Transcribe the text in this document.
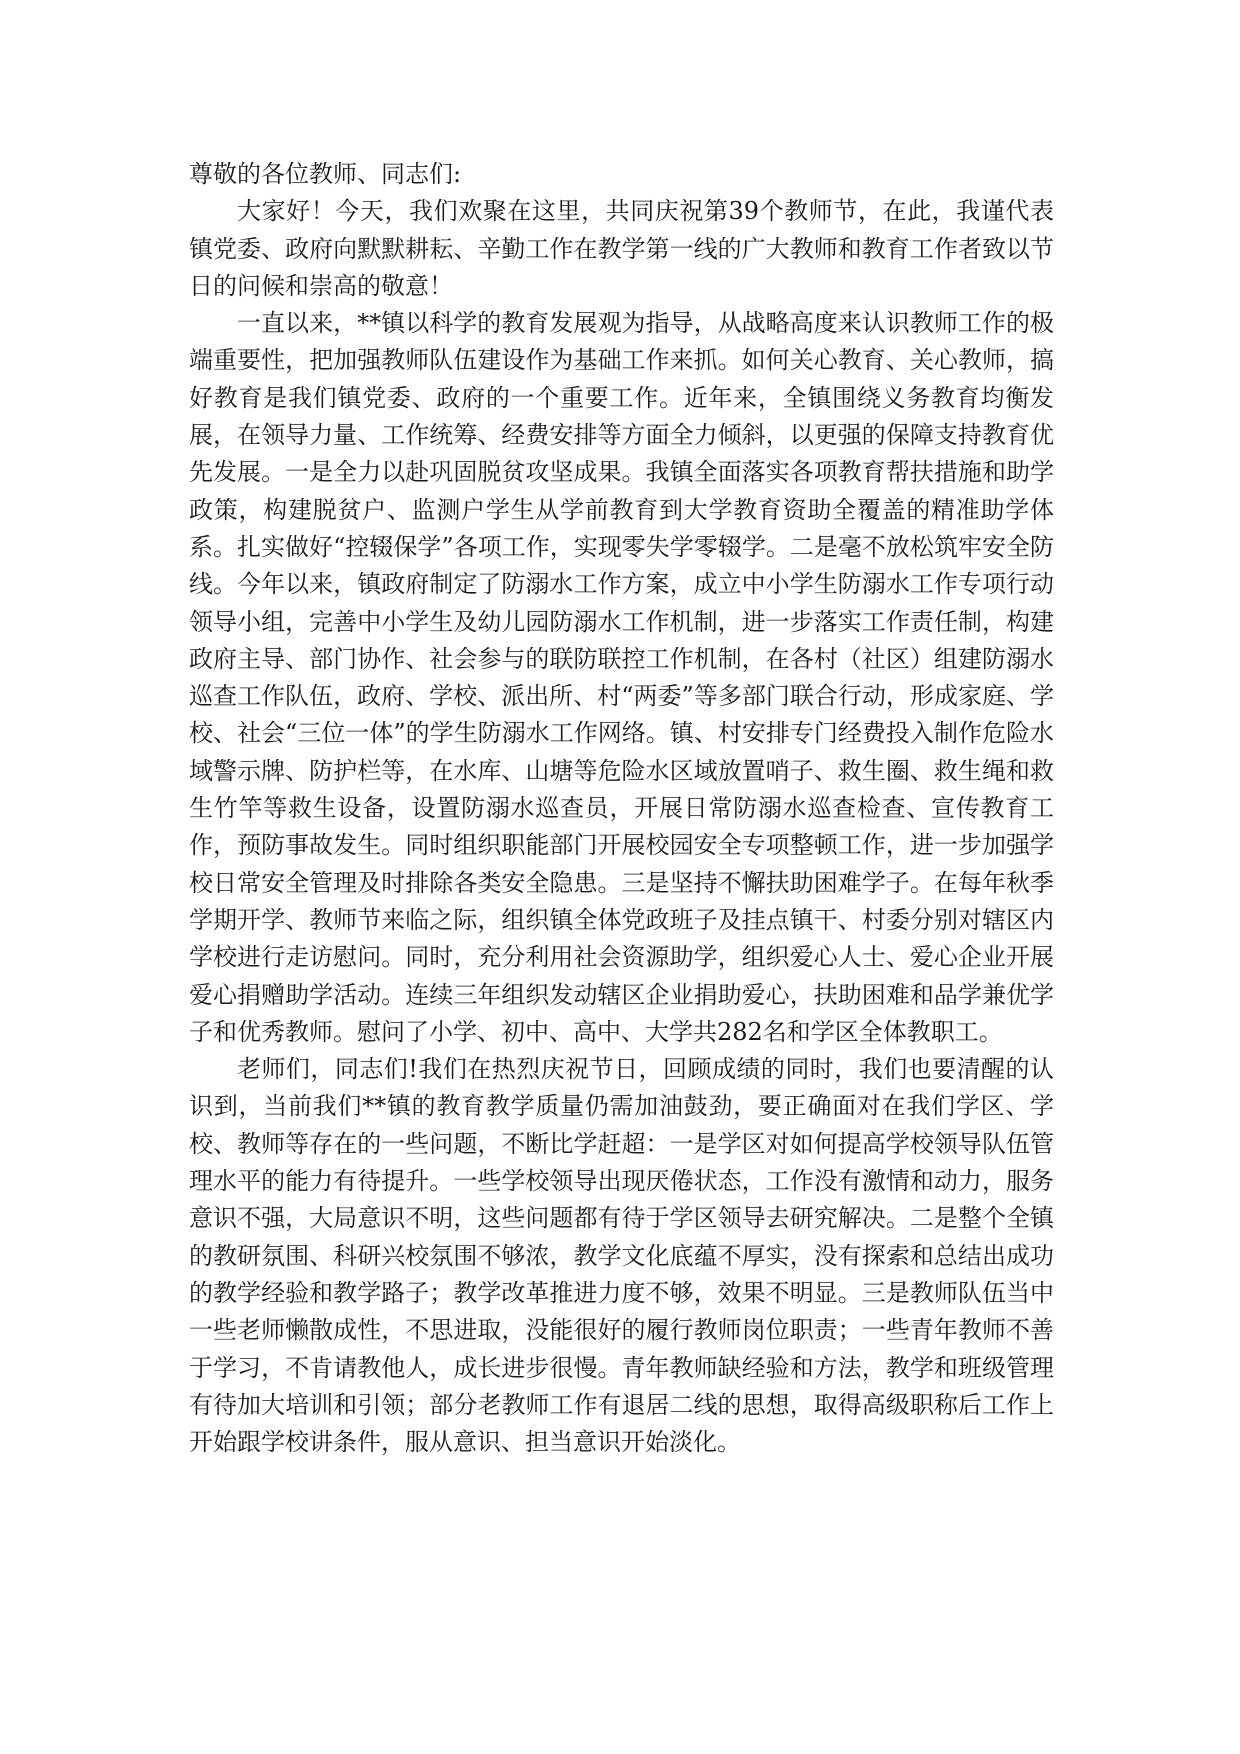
尊敬的各位教师、同志们:

大家好！今天，我们欢聚在这里，共同庆祝第39个教师节，在此，我谨代表镇党委、政府向默默耕耘、辛勤工作在教学第一线的广大教师和教育工作者致以节日的问候和崇高的敬意！

一直以来，**镇以科学的教育发展观为指导，从战略高度来认识教师工作的极端重要性，把加强教师队伍建设作为基础工作来抓。如何关心教育、关心教师，搞好教育是我们镇党委、政府的一个重要工作。近年来，全镇围绕义务教育均衡发展，在领导力量、工作统筹、经费安排等方面全力倾斜，以更强的保障支持教育优先发展。一是全力以赴巩固脱贫攻坚成果。我镇全面落实各项教育帮扶措施和助学政策，构建脱贫户、监测户学生从学前教育到大学教育资助全覆盖的精准助学体系。扎实做好“控辍保学”各项工作，实现零失学零辍学。二是毫不放松筑牢安全防线。今年以来，镇政府制定了防溺水工作方案，成立中小学生防溺水工作专项行动领导小组，完善中小学生及幼儿园防溺水工作机制，进一步落实工作责任制，构建政府主导、部门协作、社会参与的联防联控工作机制，在各村（社区）组建防溺水巡查工作队伍，政府、学校、派出所、村“两委”等多部门联合行动，形成家庭、学校、社会“三位一体”的学生防溺水工作网络。镇、村安排专门经费投入制作危险水域警示牌、防护栏等，在水库、山塘等危险水区域放置哨子、救生圈、救生绳和救生竹竿等救生设备，设置防溺水巡查员，开展日常防溺水巡查检查、宣传教育工作，预防事故发生。同时组织职能部门开展校园安全专项整顿工作，进一步加强学校日常安全管理及时排除各类安全隐患。三是坚持不懈扶助困难学子。在每年秋季学期开学、教师节来临之际，组织镇全体党政班子及挂点镇干、村委分别对辖区内学校进行走访慰问。同时，充分利用社会资源助学，组织爱心人士、爱心企业开展爱心捐赠助学活动。连续三年组织发动辖区企业捐助爱心，扶助困难和品学兼优学子和优秀教师。慰问了小学、初中、高中、大学共282名和学区全体教职工。

老师们，同志们!我们在热烈庆祝节日，回顾成绩的同时，我们也要清醒的认识到，当前我们**镇的教育教学质量仍需加油鼓劲，要正确面对在我们学区、学校、教师等存在的一些问题，不断比学赶超：一是学区对如何提高学校领导队伍管理水平的能力有待提升。一些学校领导出现厌倦状态，工作没有激情和动力，服务意识不强，大局意识不明，这些问题都有待于学区领导去研究解决。二是整个全镇的教研氛围、科研兴校氛围不够浓，教学文化底蕴不厚实，没有探索和总结出成功的教学经验和教学路子；教学改革推进力度不够，效果不明显。三是教师队伍当中一些老师懒散成性，不思进取，没能很好的履行教师岗位职责；一些青年教师不善于学习，不肯请教他人，成长进步很慢。青年教师缺经验和方法，教学和班级管理有待加大培训和引领；部分老教师工作有退居二线的思想，取得高级职称后工作上开始跟学校讲条件，服从意识、担当意识开始淡化。
